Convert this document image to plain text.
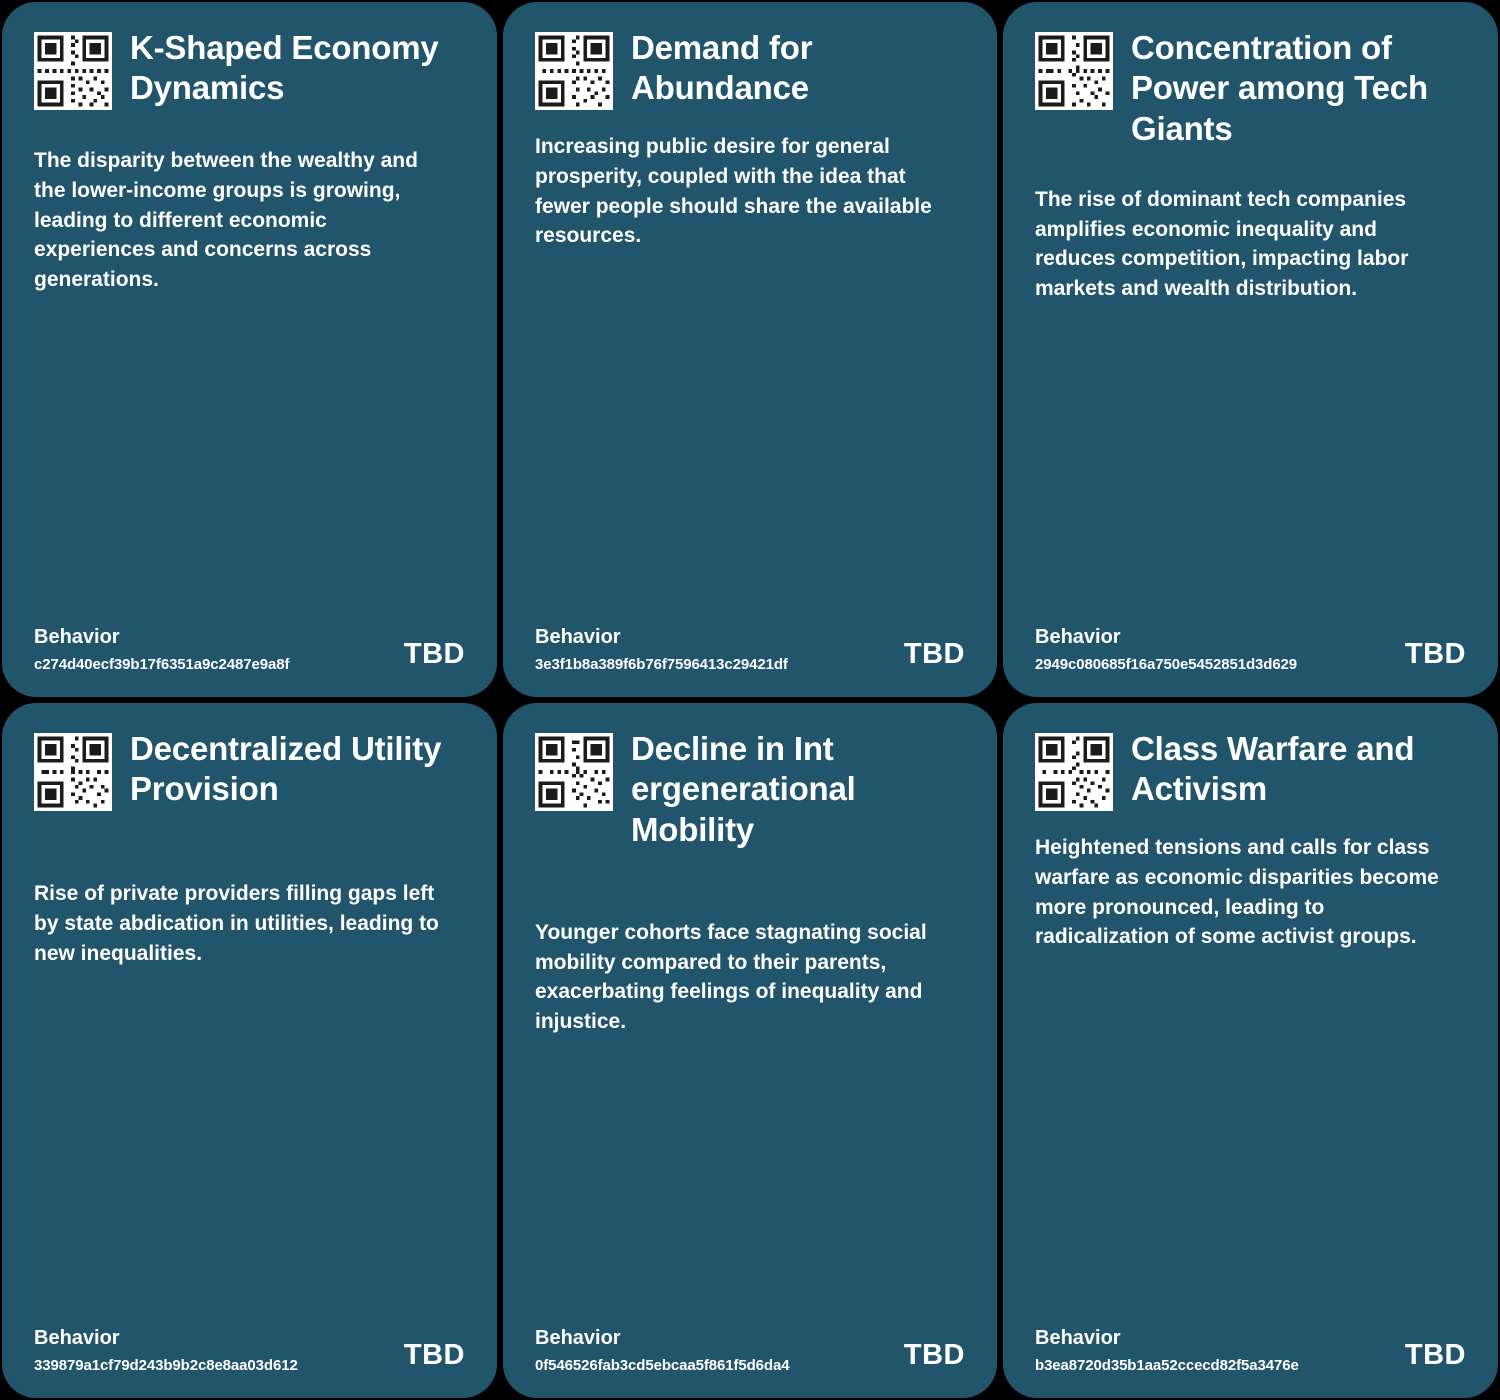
K-Shaped Economy Dynamics
The disparity between the wealthy and the lower-income groups is growing, leading to different economic experiences and concerns across generations.
Behavior
c274d40ecf39b17f6351a9c2487e9a8f	TBD
Demand for Abundance
Increasing public desire for general prosperity, coupled with the idea that fewer people should share the available resources.
Behavior
3e3f1b8a389f6b76f7596413c29421df	TBD
Concentration of Power among Tech Giants
The rise of dominant tech companies amplifies economic inequality and reduces competition, impacting labor markets and wealth distribution.
Behavior
2949c080685f16a750e5452851d3d629	TBD
Decentralized Utility Provision
Rise of private providers filling gaps left by state abdication in utilities, leading to new inequalities.
Behavior
339879a1cf79d243b9b2c8e8aa03d612	TBD
Decline in Int ergenerational Mobility
Younger cohorts face stagnating social mobility compared to their parents, exacerbating feelings of inequality and injustice.
Behavior
0f546526fab3cd5ebcaa5f861f5d6da4	TBD
Class Warfare and Activism
Heightened tensions and calls for class warfare as economic disparities become more pronounced, leading to radicalization of some activist groups.
Behavior
b3ea8720d35b1aa52ccecd82f5a3476e	TBD
